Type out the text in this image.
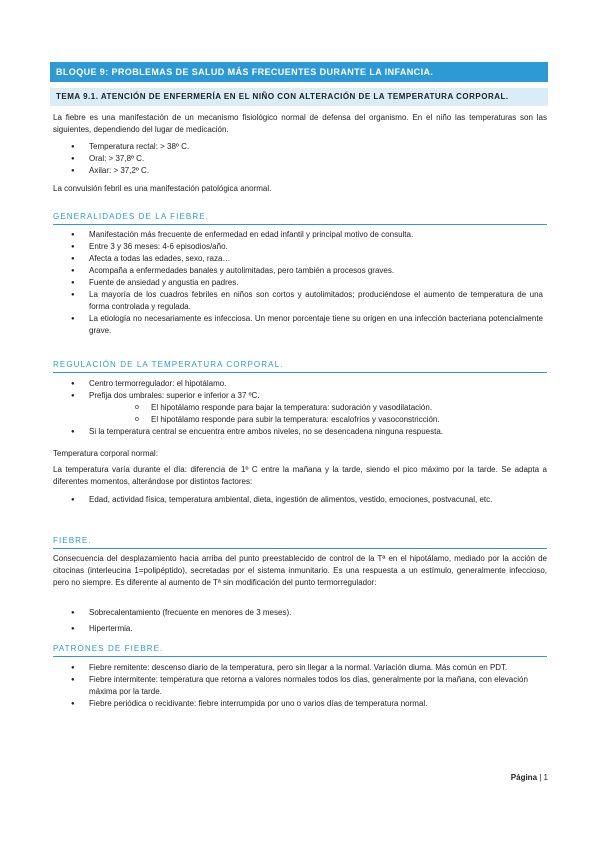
BLOQUE 9: PROBLEMAS DE SALUD MÁS FRECUENTES DURANTE LA INFANCIA.
TEMA 9.1. ATENCIÓN DE ENFERMERÍA EN EL NIÑO CON ALTERACIÓN DE LA TEMPERATURA CORPORAL.
La fiebre es una manifestación de un mecanismo fisiológico normal de defensa del organismo. En el niño las temperaturas son las siguientes, dependiendo del lugar de medicación.
● Temperatura rectal: > 38º C.
● Oral: > 37,8º C.
● Axilar: > 37,2º C.
La convulsión febril es una manifestación patológica anormal.
GENERALIDADES DE LA FIEBRE.
● Manifestación más frecuente de enfermedad en edad infantil y principal motivo de consulta.
● Entre 3 y 36 meses: 4-6 episodios/año.
● Afecta a todas las edades, sexo, raza…
● Acompaña a enfermedades banales y autolimitadas, pero también a procesos graves.
● Fuente de ansiedad y angustia en padres.
● La mayoría de los cuadros febriles en niños son cortos y autolimitados; produciéndose el aumento de temperatura de una forma controlada y regulada.
● La etiología no necesariamente es infecciosa. Un menor porcentaje tiene su origen en una infección bacteriana potencialmente grave.
REGULACIÓN DE LA TEMPERATURA CORPORAL.
● Centro termorregulador: el hipotálamo.
● Prefija dos umbrales: superior e inferior a 37 ºC.
o El hipotálamo responde para bajar la temperatura: sudoración y vasodilatación.
o El hipotálamo responde para subir la temperatura: escalofríos y vasoconstricción.
● Si la temperatura central se encuentra entre ambos niveles, no se desencadena ninguna respuesta.
Temperatura corporal normal:
La temperatura varía durante el día: diferencia de 1º C entre la mañana y la tarde, siendo el pico máximo por la tarde. Se adapta a diferentes momentos, alterándose por distintos factores:
● Edad, actividad física, temperatura ambiental, dieta, ingestión de alimentos, vestido, emociones, postvacunal, etc.
FIEBRE.
Consecuencia del desplazamiento hacia arriba del punto preestablecido de control de la Tª en el hipotálamo, mediado por la acción de citocinas (interleucina 1=polipéptido), secretadas por el sistema inmunitario. Es una respuesta a un estímulo, generalmente infeccioso, pero no siempre. Es diferente al aumento de Tª sin modificación del punto termorregulador:
● Sobrecalentamiento (frecuente en menores de 3 meses).
● Hipertermia.
PATRONES DE FIEBRE.
● Fiebre remitente: descenso diario de la temperatura, pero sin llegar a la normal. Variación diurna. Más común en PDT.
● Fiebre intermitente: temperatura que retorna a valores normales todos los días, generalmente por la mañana, con elevación máxima por la tarde.
● Fiebre periódica o recidivante: fiebre interrumpida por uno o varios días de temperatura normal.
Página | 1
